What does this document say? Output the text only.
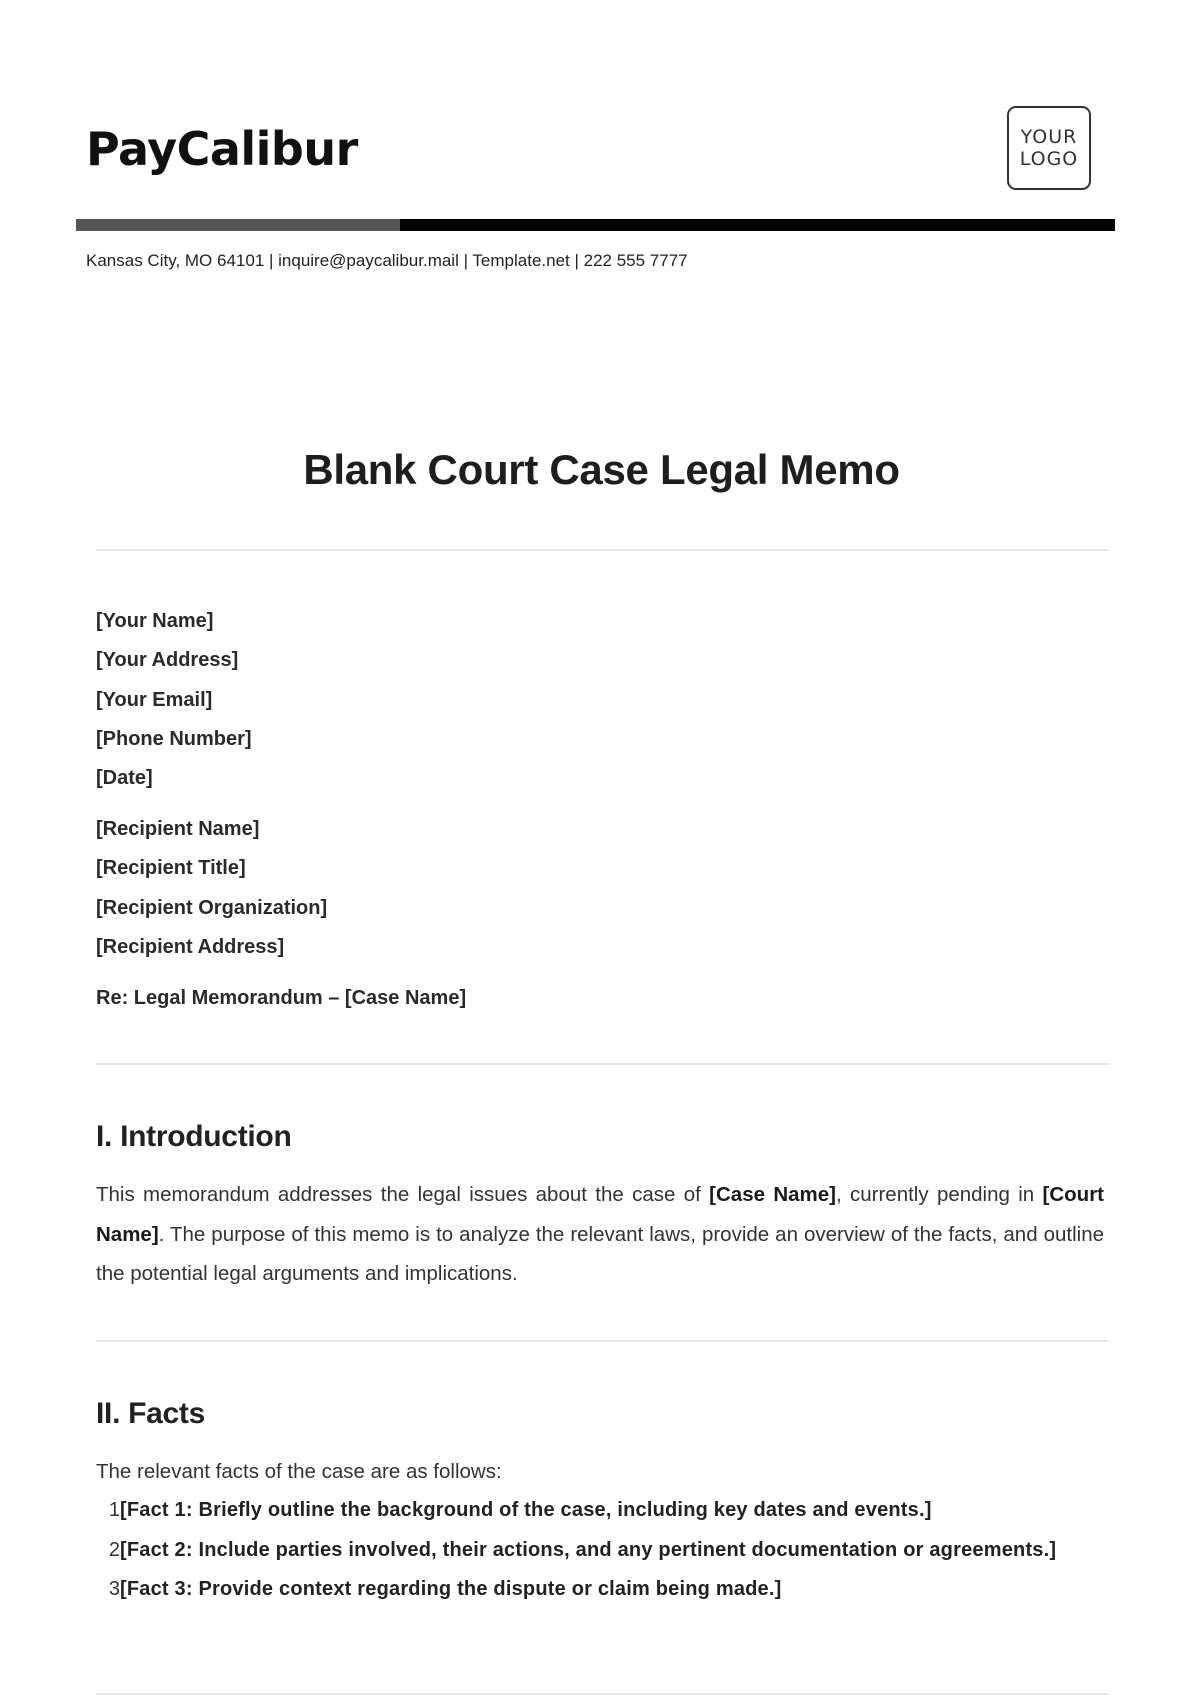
PayCalibur	YOUR
LOGO
Kansas City, MO 64101 | inquire@paycalibur.mail | Template.net | 222 555 7777
Blank Court Case Legal Memo
[Your Name]
[Your Address]
[Your Email]
[Phone Number]
[Date]
[Recipient Name]
[Recipient Title]
[Recipient Organization]
[Recipient Address]
Re: Legal Memorandum – [Case Name]
I. Introduction
This memorandum addresses the legal issues about the case of [Case Name], currently pending in [Court Name]. The purpose of this memo is to analyze the relevant laws, provide an overview of the facts, and outline the potential legal arguments and implications.
II. Facts
The relevant facts of the case are as follows:
1 [Fact 1: Briefly outline the background of the case, including key dates and events.]
2 [Fact 2: Include parties involved, their actions, and any pertinent documentation or agreements.]
3 [Fact 3: Provide context regarding the dispute or claim being made.]
